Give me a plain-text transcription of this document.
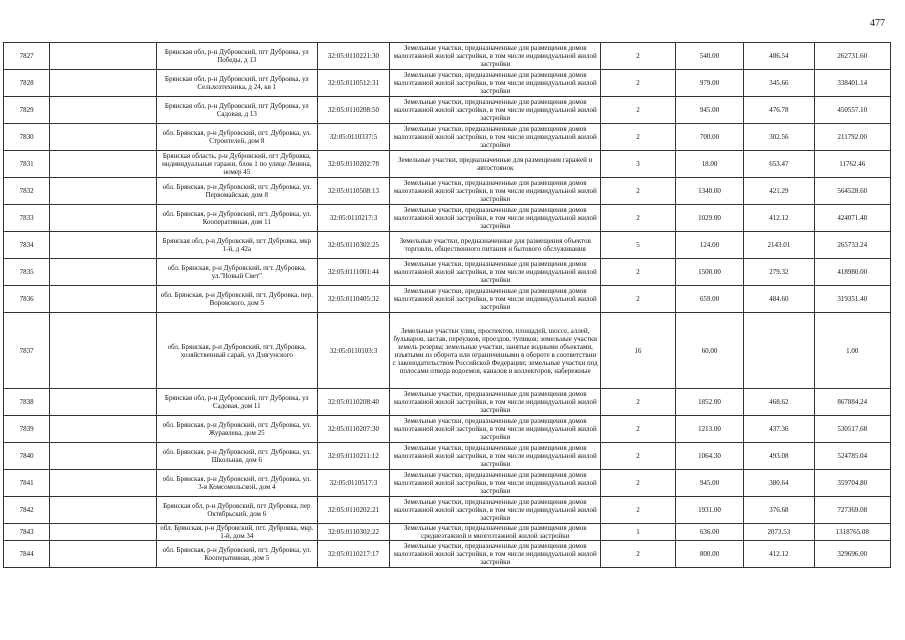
477
7827		Брянская обл, р-н Дубровский, пгт Дубровка, ул Победы, д 13	32:05:0110221:30	Земельные участки, предназначенные для размещения домов малоэтажной жилой застройки, в том числе индивидуальной жилой застройки	2	540.00	486.54	262731.60
7828		Брянская обл, р-н Дубровский, пгт Дубровка, ул Сельхозтехника, д 24, кв 1	32:05:0110512:31	Земельные участки, предназначенные для размещения домов малоэтажной жилой застройки, в том числе индивидуальной жилой застройки	2	979.00	345.66	338401.14
7829		Брянская обл, р-н Дубровский, пгт Дубровка, ул Садовая, д 13	32:05:0110208:50	Земельные участки, предназначенные для размещения домов малоэтажной жилой застройки, в том числе индивидуальной жилой застройки	2	945.00	476.78	450557.10
7830		обл. Брянская, р-н Дубровский, пгт. Дубровка, ул. Строителей, дом 8	32:05:0110337:5	Земельные участки, предназначенные для размещения домов малоэтажной жилой застройки, в том числе индивидуальной жилой застройки	2	700.00	302.56	211792.00
7831		Брянская область, р-н Дубровский, пгт Дубровка, индивидуальные гаражи, блок 1 по улице Ленина, номер 45	32:05:0110202:78	Земельные участки, предназначенные для размещения гаражей и автостоянок	3	18.00	653.47	11762.46
7832		обл. Брянская, р-н Дубровский, пгт. Дубровка, ул. Первомайская, дом 8	32:05:0110508:13	Земельные участки, предназначенные для размещения домов малоэтажной жилой застройки, в том числе индивидуальной жилой застройки	2	1340.00	421.29	564528.60
7833		обл. Брянская, р-н Дубровский, пгт. Дубровка, ул. Кооперативная, дом 11	32:05:0110217:3	Земельные участки, предназначенные для размещения домов малоэтажной жилой застройки, в том числе индивидуальной жилой застройки	2	1029.00	412.12	424071.48
7834		Брянская обл, р-н Дубровский, пгт Дубровка, мкр 1-й, д 42а	32:05:0110302:25	Земельные участки, предназначенные для размещения объектов торговли, общественного питания и бытового обслуживания	5	124.00	2143.01	265733.24
7835		обл. Брянская, р-н Дубровский, пгт. Дубровка, ул."Новый Свет"	32:05:0111001:44	Земельные участки, предназначенные для размещения домов малоэтажной жилой застройки, в том числе индивидуальной жилой застройки	2	1500.00	279.32	418980.00
7836		обл. Брянская, р-н Дубровский, пгт. Дубровка, пер. Воровского, дом 5	32:05:0110405:32	Земельные участки, предназначенные для размещения домов малоэтажной жилой застройки, в том числе индивидуальной жилой застройки	2	659.00	484.60	319351.40
7837		обл. Брянская, р-н Дубровский, пгт. Дубровка, хозяйственный сарай, ул Дзягунского	32:05:0110103:3	Земельные участки улиц, проспектов, площадей, шоссе, аллей, бульваров, застав, переулков, проездов, тупиков; земельные участки земель резерва; земельные участки, занятые водными объектами, изъятыми из оборота или ограниченными в обороте в соответствии с законодательством Российской Федерации; земельные участки под полосами отвода водоемов, каналов и коллекторов, набережные	16	60.00		1.00
7838		Брянская обл, р-н Дубровский, пгт Дубровка, ул Садовая, дом 11	32:05:0110208:40	Земельные участки, предназначенные для размещения домов малоэтажной жилой застройки, в том числе индивидуальной жилой застройки	2	1852.00	468.62	867884.24
7839		обл. Брянская, р-н Дубровский, пгт. Дубровка, ул. Журавлева, дом 25	32:05:0110207:30	Земельные участки, предназначенные для размещения домов малоэтажной жилой застройки, в том числе индивидуальной жилой застройки	2	1213.00	437.36	530517.68
7840		обл. Брянская, р-н Дубровский, пгт. Дубровка, ул. Школьная, дом 6	32:05:0110211:12	Земельные участки, предназначенные для размещения домов малоэтажной жилой застройки, в том числе индивидуальной жилой застройки	2	1064.30	493.08	524785.04
7841		обл. Брянская, р-н Дубровский, пгт. Дубровка, ул. 3-я Комсомольской, дом 4	32:05:0110517:3	Земельные участки, предназначенные для размещения домов малоэтажной жилой застройки, в том числе индивидуальной жилой застройки	2	945.00	380.64	359704.80
7842		Брянская обл, р-н Дубровский, пгт Дубровка, пер Октябрьский, дом 6	32:05:0110202:21	Земельные участки, предназначенные для размещения домов малоэтажной жилой застройки, в том числе индивидуальной жилой застройки	2	1931.00	376.68	727369.08
7843		обл. Брянская, р-н Дубровский, пгт. Дубровка, мкр. 1-й, дом 34	32:05:0110302:22	Земельные участки, предназначенные для размещения домов среднеэтажной и многоэтажной жилой застройки	1	636.00	2073.53	1318765.08
7844		обл. Брянская, р-н Дубровский, пгт. Дубровка, ул. Кооперативная, дом 5	32:05:0110217:17	Земельные участки, предназначенные для размещения домов малоэтажной жилой застройки, в том числе индивидуальной жилой застройки	2	800.00	412.12	329696.00
